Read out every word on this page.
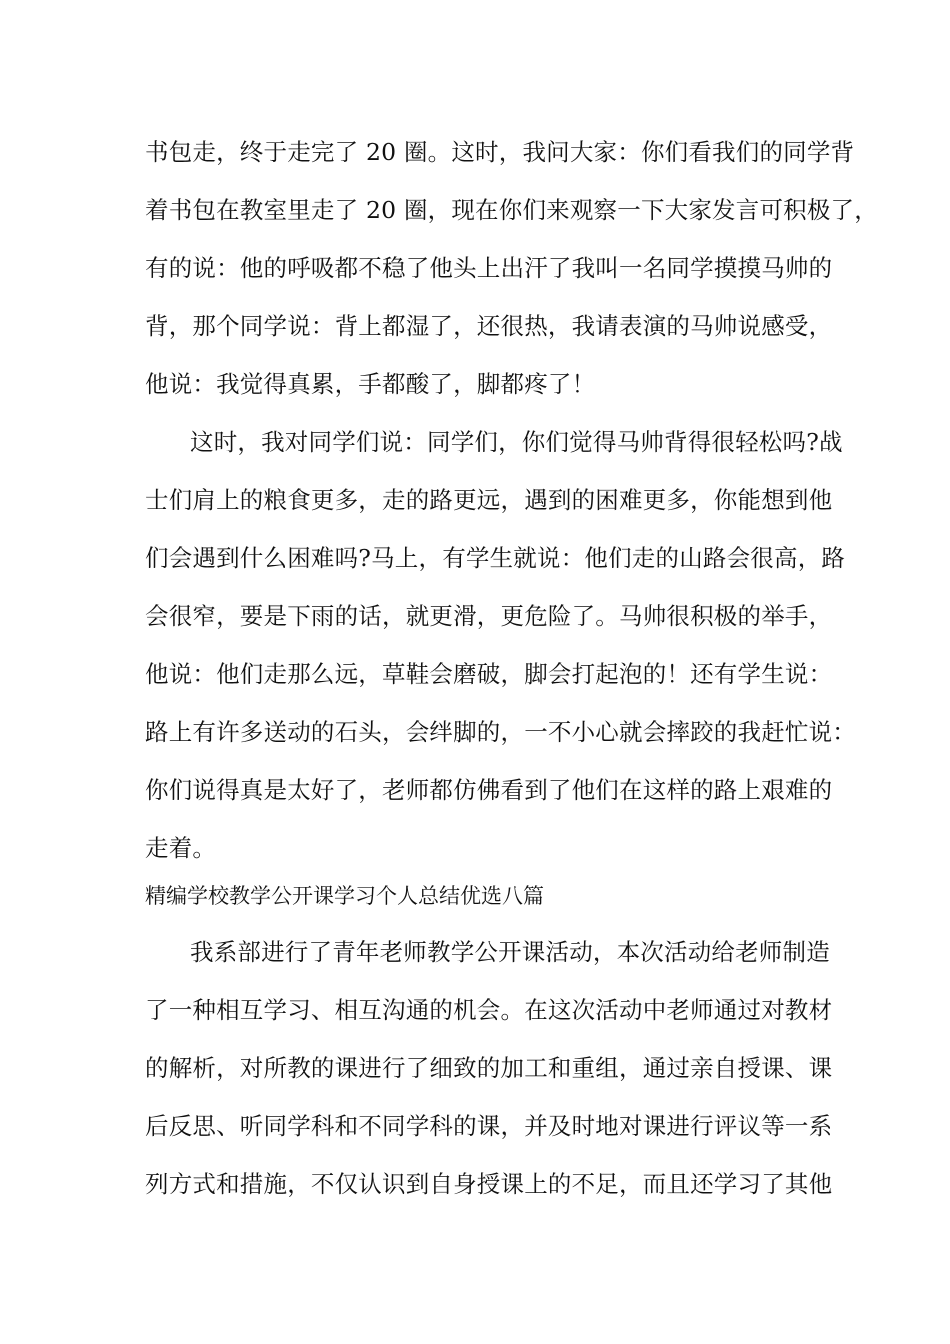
书包走，终于走完了 20 圈。这时，我问大家：你们看我们的同学背
着书包在教室里走了 20 圈，现在你们来观察一下大家发言可积极了，
有的说：他的呼吸都不稳了他头上出汗了我叫一名同学摸摸马帅的
背，那个同学说：背上都湿了，还很热，我请表演的马帅说感受，
他说：我觉得真累，手都酸了，脚都疼了！
这时，我对同学们说：同学们，你们觉得马帅背得很轻松吗?战
士们肩上的粮食更多，走的路更远，遇到的困难更多，你能想到他
们会遇到什么困难吗?马上，有学生就说：他们走的山路会很高，路
会很窄，要是下雨的话，就更滑，更危险了。马帅很积极的举手，
他说：他们走那么远，草鞋会磨破，脚会打起泡的！还有学生说：
路上有许多送动的石头，会绊脚的，一不小心就会摔跤的我赶忙说：
你们说得真是太好了，老师都仿佛看到了他们在这样的路上艰难的
走着。
精编学校教学公开课学习个人总结优选八篇
我系部进行了青年老师教学公开课活动，本次活动给老师制造
了一种相互学习、相互沟通的机会。在这次活动中老师通过对教材
的解析，对所教的课进行了细致的加工和重组，通过亲自授课、课
后反思、听同学科和不同学科的课，并及时地对课进行评议等一系
列方式和措施，不仅认识到自身授课上的不足，而且还学习了其他
